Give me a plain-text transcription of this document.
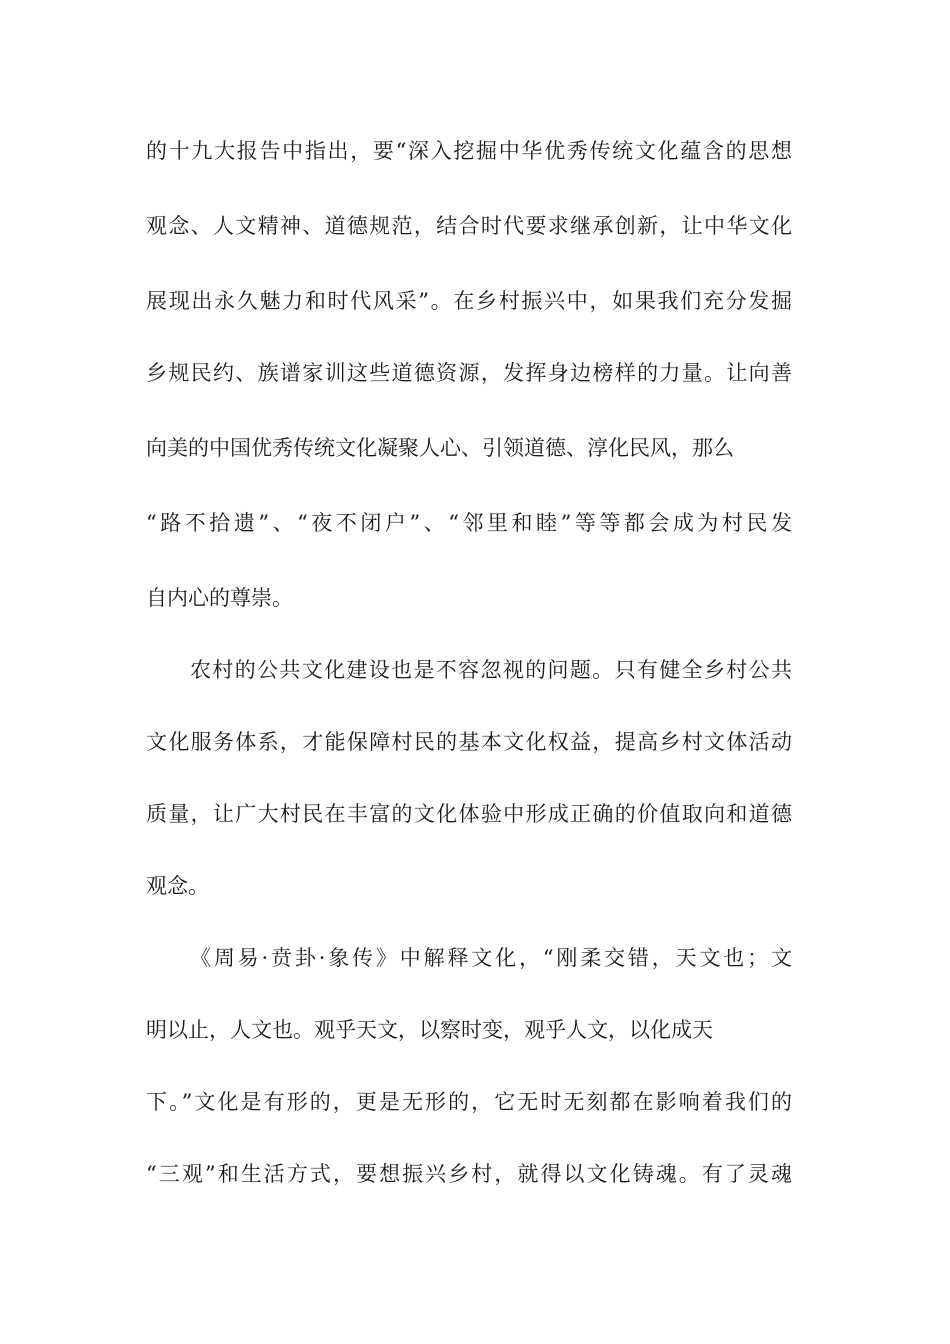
的十九大报告中指出，要“深入挖掘中华优秀传统文化蕴含的思想
观念、人文精神、道德规范，结合时代要求继承创新，让中华文化
展现出永久魅力和时代风采”。在乡村振兴中，如果我们充分发掘
乡规民约、族谱家训这些道德资源，发挥身边榜样的力量。让向善
向美的中国优秀传统文化凝聚人心、引领道德、淳化民风，那么
“路不拾遗”、“夜不闭户”、“邻里和睦”等等都会成为村民发
自内心的尊崇。
农村的公共文化建设也是不容忽视的问题。只有健全乡村公共
文化服务体系，才能保障村民的基本文化权益，提高乡村文体活动
质量，让广大村民在丰富的文化体验中形成正确的价值取向和道德
观念。
《周易·贲卦·象传》中解释文化，“刚柔交错，天文也；文
明以止，人文也。观乎天文，以察时变，观乎人文，以化成天
下。”文化是有形的，更是无形的，它无时无刻都在影响着我们的
“三观”和生活方式，要想振兴乡村，就得以文化铸魂。有了灵魂
